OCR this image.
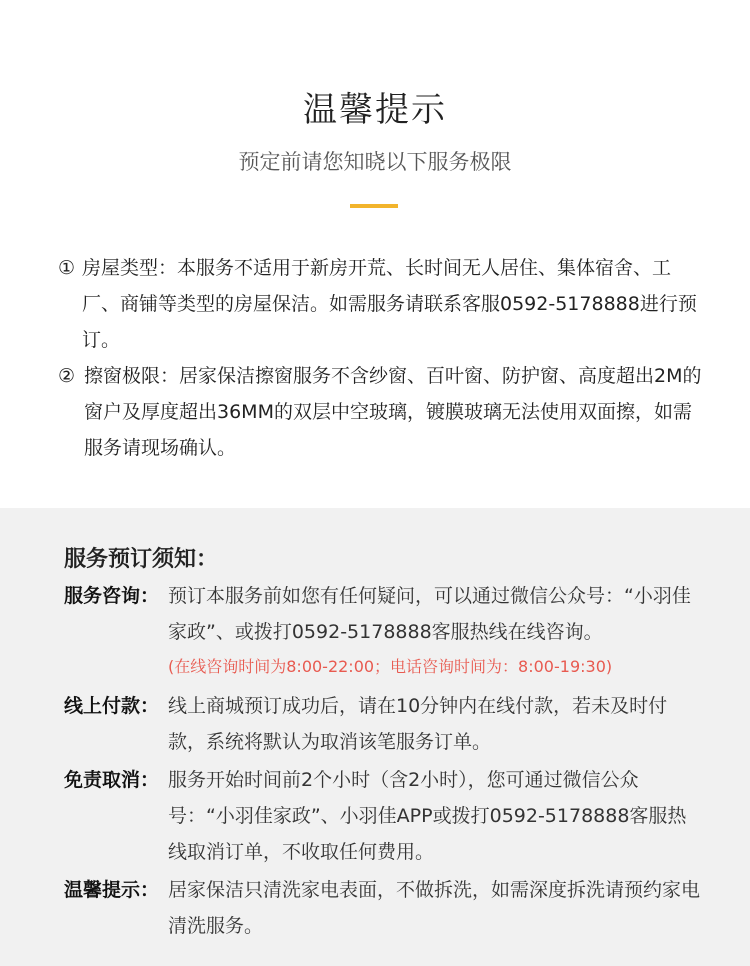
温馨提示
预定前请您知晓以下服务极限
① 房屋类型：本服务不适用于新房开荒、长时间无人居住、集体宿舍、工厂、商铺等类型的房屋保洁。如需服务请联系客服0592-5178888进行预订。
② 擦窗极限：居家保洁擦窗服务不含纱窗、百叶窗、防护窗、高度超出2M的窗户及厚度超出36MM的双层中空玻璃，镀膜玻璃无法使用双面擦，如需服务请现场确认。
服务预订须知：
服务咨询： 预订本服务前如您有任何疑问，可以通过微信公众号：“小羽佳家政”、或拨打0592-5178888客服热线在线咨询。
(在线咨询时间为8:00-22:00；电话咨询时间为：8:00-19:30)
线上付款： 线上商城预订成功后，请在10分钟内在线付款，若未及时付款，系统将默认为取消该笔服务订单。
免责取消： 服务开始时间前2个小时（含2小时），您可通过微信公众号：“小羽佳家政”、小羽佳APP或拨打0592-5178888客服热线取消订单，不收取任何费用。
温馨提示： 居家保洁只清洗家电表面，不做拆洗，如需深度拆洗请预约家电清洗服务。
